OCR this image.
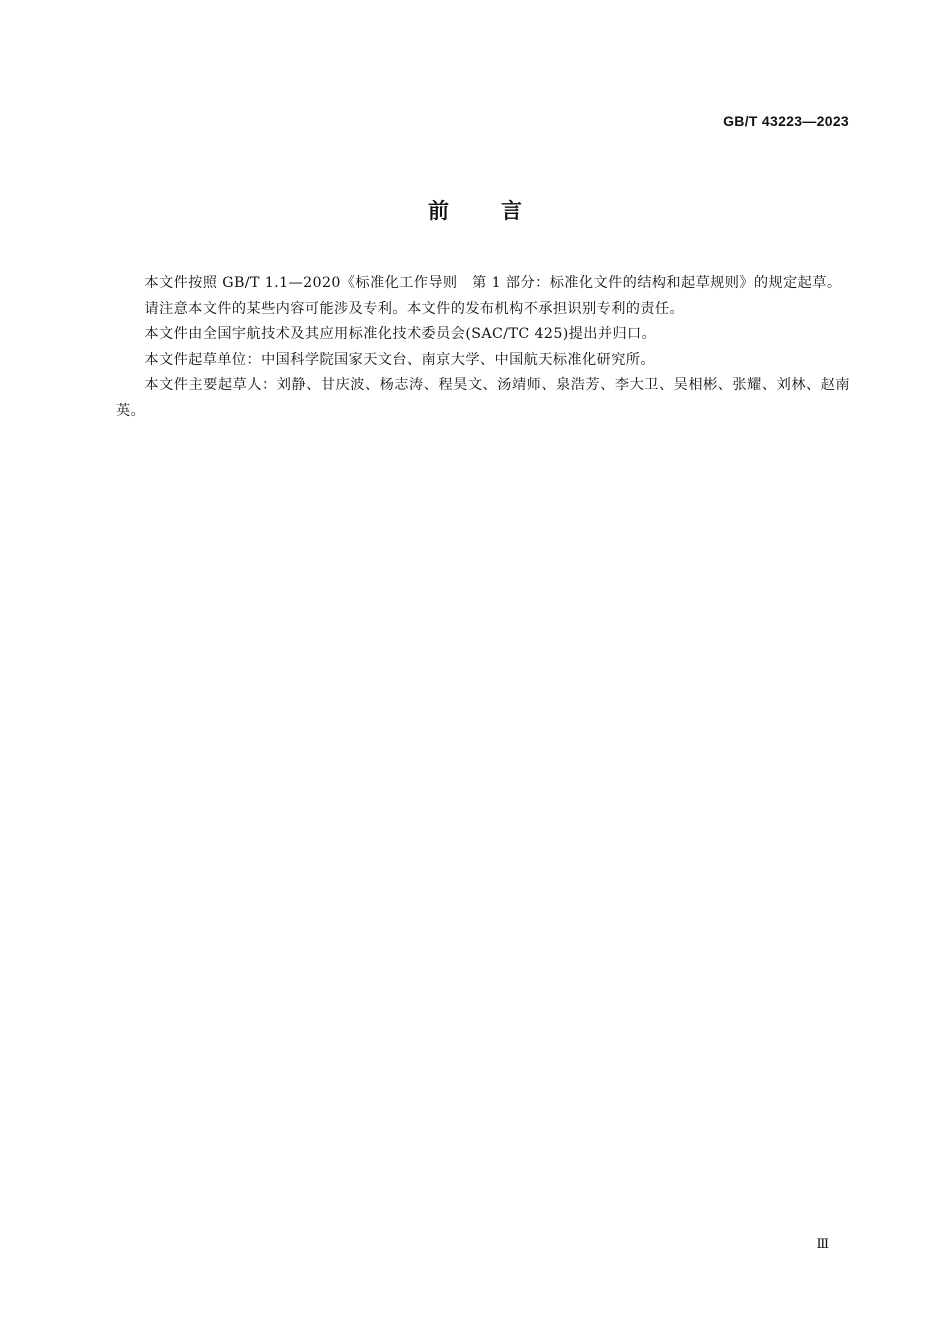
GB/T 43223—2023
前言

本文件按照 GB/T 1.1—2020《标准化工作导则　第 1 部分：标准化文件的结构和起草规则》的规定起草。

请注意本文件的某些内容可能涉及专利。本文件的发布机构不承担识别专利的责任。

本文件由全国宇航技术及其应用标准化技术委员会(SAC/TC 425)提出并归口。

本文件起草单位：中国科学院国家天文台、南京大学、中国航天标准化研究所。

本文件主要起草人：刘静、甘庆波、杨志涛、程昊文、汤靖师、泉浩芳、李大卫、吴相彬、张耀、刘林、赵南英。

Ⅲ
